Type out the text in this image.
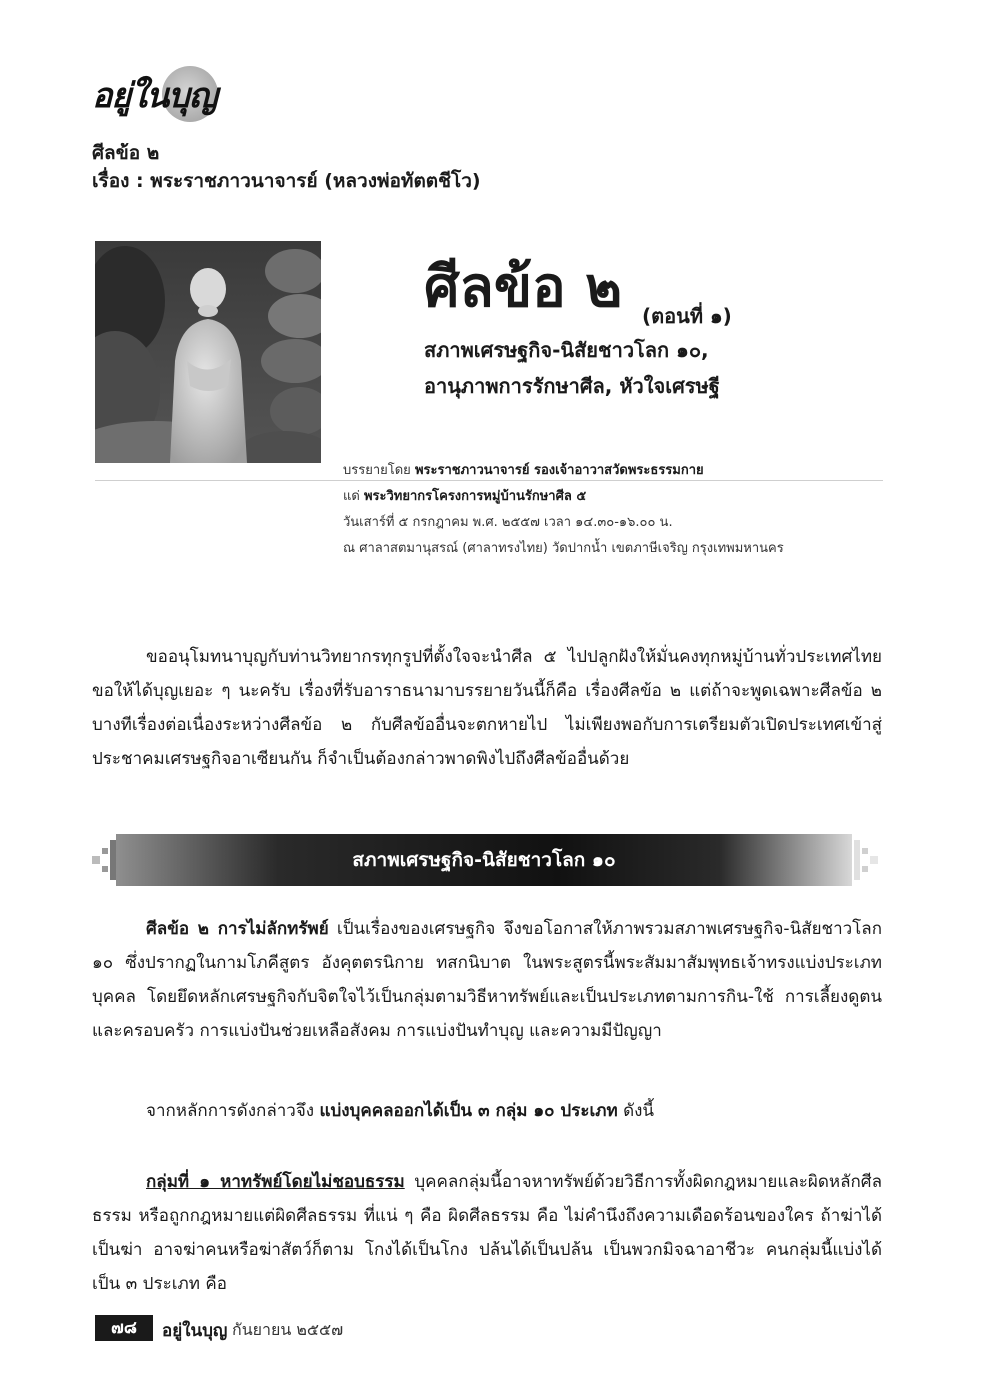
อยู่ในบุญ
ศีลข้อ ๒
เรื่อง : พระราชภาวนาจารย์ (หลวงพ่อทัตตชีโว)
ศีลข้อ ๒ (ตอนที่ ๑)
สภาพเศรษฐกิจ-นิสัยชาวโลก ๑๐,
อานุภาพการรักษาศีล, หัวใจเศรษฐี
บรรยายโดย พระราชภาวนาจารย์ รองเจ้าอาวาสวัดพระธรรมกาย
แด่ พระวิทยากรโครงการหมู่บ้านรักษาศีล ๕
วันเสาร์ที่ ๕ กรกฎาคม พ.ศ. ๒๕๕๗ เวลา ๑๔.๓๐-๑๖.๐๐ น.
ณ ศาลาสตมานุสรณ์ (ศาลาทรงไทย) วัดปากน้ำ เขตภาษีเจริญ กรุงเทพมหานคร

ขออนุโมทนาบุญกับท่านวิทยากรทุกรูปที่ตั้งใจจะนำศีล ๕ ไปปลูกฝังให้มั่นคงทุกหมู่บ้านทั่วประเทศไทย ขอให้ได้บุญเยอะ ๆ นะครับ เรื่องที่รับอาราธนามาบรรยายวันนี้ก็คือ เรื่องศีลข้อ ๒ แต่ถ้าจะพูดเฉพาะศีลข้อ ๒ บางทีเรื่องต่อเนื่องระหว่างศีลข้อ ๒ กับศีลข้ออื่นจะตกหายไป ไม่เพียงพอกับการเตรียมตัวเปิดประเทศเข้าสู่ประชาคมเศรษฐกิจอาเซียนกัน ก็จำเป็นต้องกล่าวพาดพิงไปถึงศีลข้ออื่นด้วย

สภาพเศรษฐกิจ-นิสัยชาวโลก ๑๐

ศีลข้อ ๒ การไม่ลักทรัพย์ เป็นเรื่องของเศรษฐกิจ จึงขอโอกาสให้ภาพรวมสภาพเศรษฐกิจ-นิสัยชาวโลก ๑๐ ซึ่งปรากฏในกามโภคีสูตร อังคุตตรนิกาย ทสกนิบาต ในพระสูตรนี้พระสัมมาสัมพุทธเจ้าทรงแบ่งประเภทบุคคล โดยยึดหลักเศรษฐกิจกับจิตใจไว้เป็นกลุ่มตามวิธีหาทรัพย์และเป็นประเภทตามการกิน-ใช้ การเลี้ยงดูตนและครอบครัว การแบ่งปันช่วยเหลือสังคม การแบ่งปันทำบุญ และความมีปัญญา

จากหลักการดังกล่าวจึง แบ่งบุคคลออกได้เป็น ๓ กลุ่ม ๑๐ ประเภท ดังนี้

กลุ่มที่ ๑ หาทรัพย์โดยไม่ชอบธรรม บุคคลกลุ่มนี้อาจหาทรัพย์ด้วยวิธีการทั้งผิดกฎหมายและผิดหลักศีลธรรม หรือถูกกฎหมายแต่ผิดศีลธรรม ที่แน่ ๆ คือ ผิดศีลธรรม คือ ไม่คำนึงถึงความเดือดร้อนของใคร ถ้าฆ่าได้เป็นฆ่า อาจฆ่าคนหรือฆ่าสัตว์ก็ตาม โกงได้เป็นโกง ปล้นได้เป็นปล้น เป็นพวกมิจฉาอาชีวะ คนกลุ่มนี้แบ่งได้เป็น ๓ ประเภท คือ

๗๘	อยู่ในบุญ กันยายน ๒๕๕๗
